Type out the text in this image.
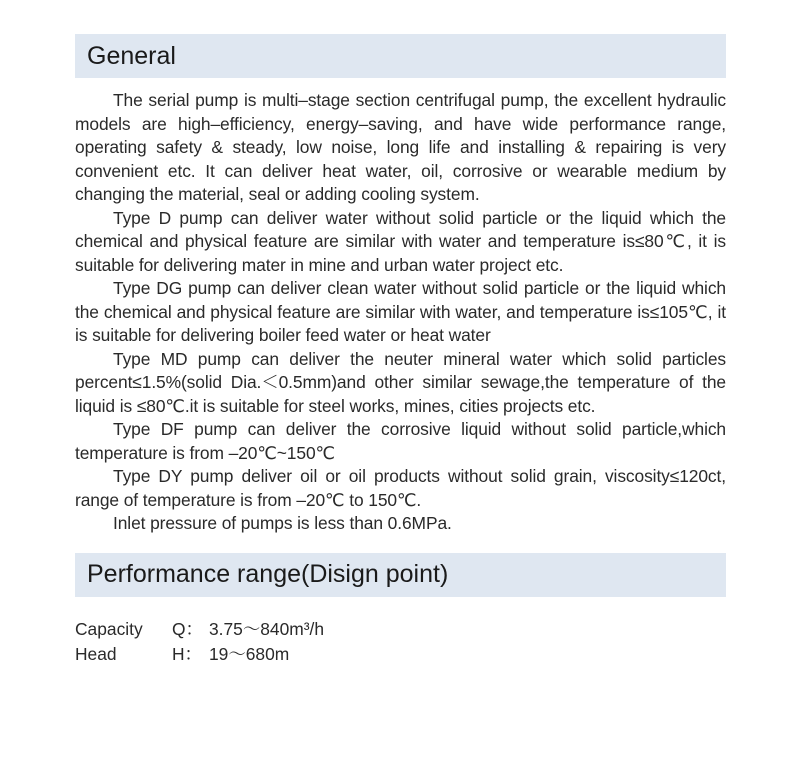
General

The serial pump is multi–stage section centrifugal pump, the excellent hydraulic models are high–efficiency, energy–saving, and have wide performance range, operating safety & steady, low noise, long life and installing & repairing is very convenient etc. It can deliver heat water, oil, corrosive or wearable medium by changing the material, seal or adding cooling system.

Type D pump can deliver water without solid particle or the liquid which the chemical and physical feature are similar with water and temperature is≤80℃, it is suitable for delivering mater in mine and urban water project etc.

Type DG pump can deliver clean water without solid particle or the liquid which the chemical and physical feature are similar with water, and temperature is≤105℃, it is suitable for delivering boiler feed water or heat water

Type MD pump can deliver the neuter mineral water which solid particles percent≤1.5%(solid Dia.＜0.5mm)and other similar sewage,the temperature of the liquid is ≤80℃.it is suitable for steel works, mines, cities projects etc.

Type DF pump can deliver the corrosive liquid without solid particle,which temperature is from –20℃~150℃

Type DY pump deliver oil or oil products without solid grain, viscosity≤120ct, range of temperature is from –20℃ to 150℃.

Inlet pressure of pumps is less than 0.6MPa.

Performance range(Disign point)
Capacity	Q： 3.75～840m³/h
Head	H： 19～680m
